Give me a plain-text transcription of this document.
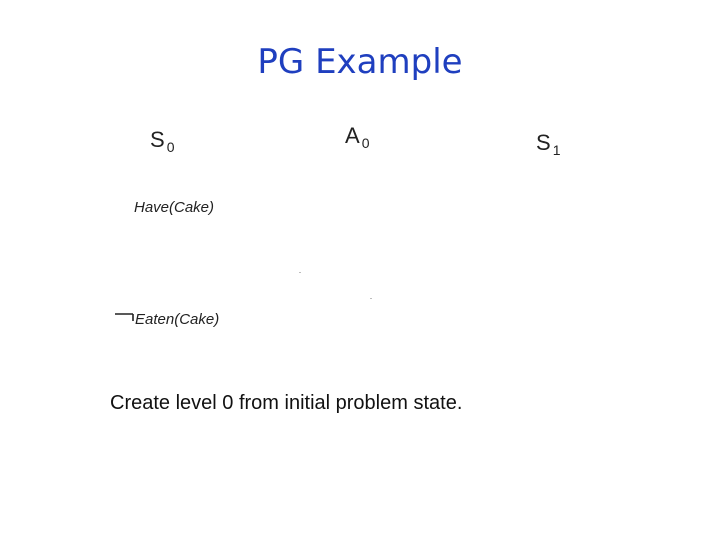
PG Example
S $_0$	A $_0$	S $_1$
Have(Cake)
Eaten(Cake)
Create level 0 from initial problem state.
